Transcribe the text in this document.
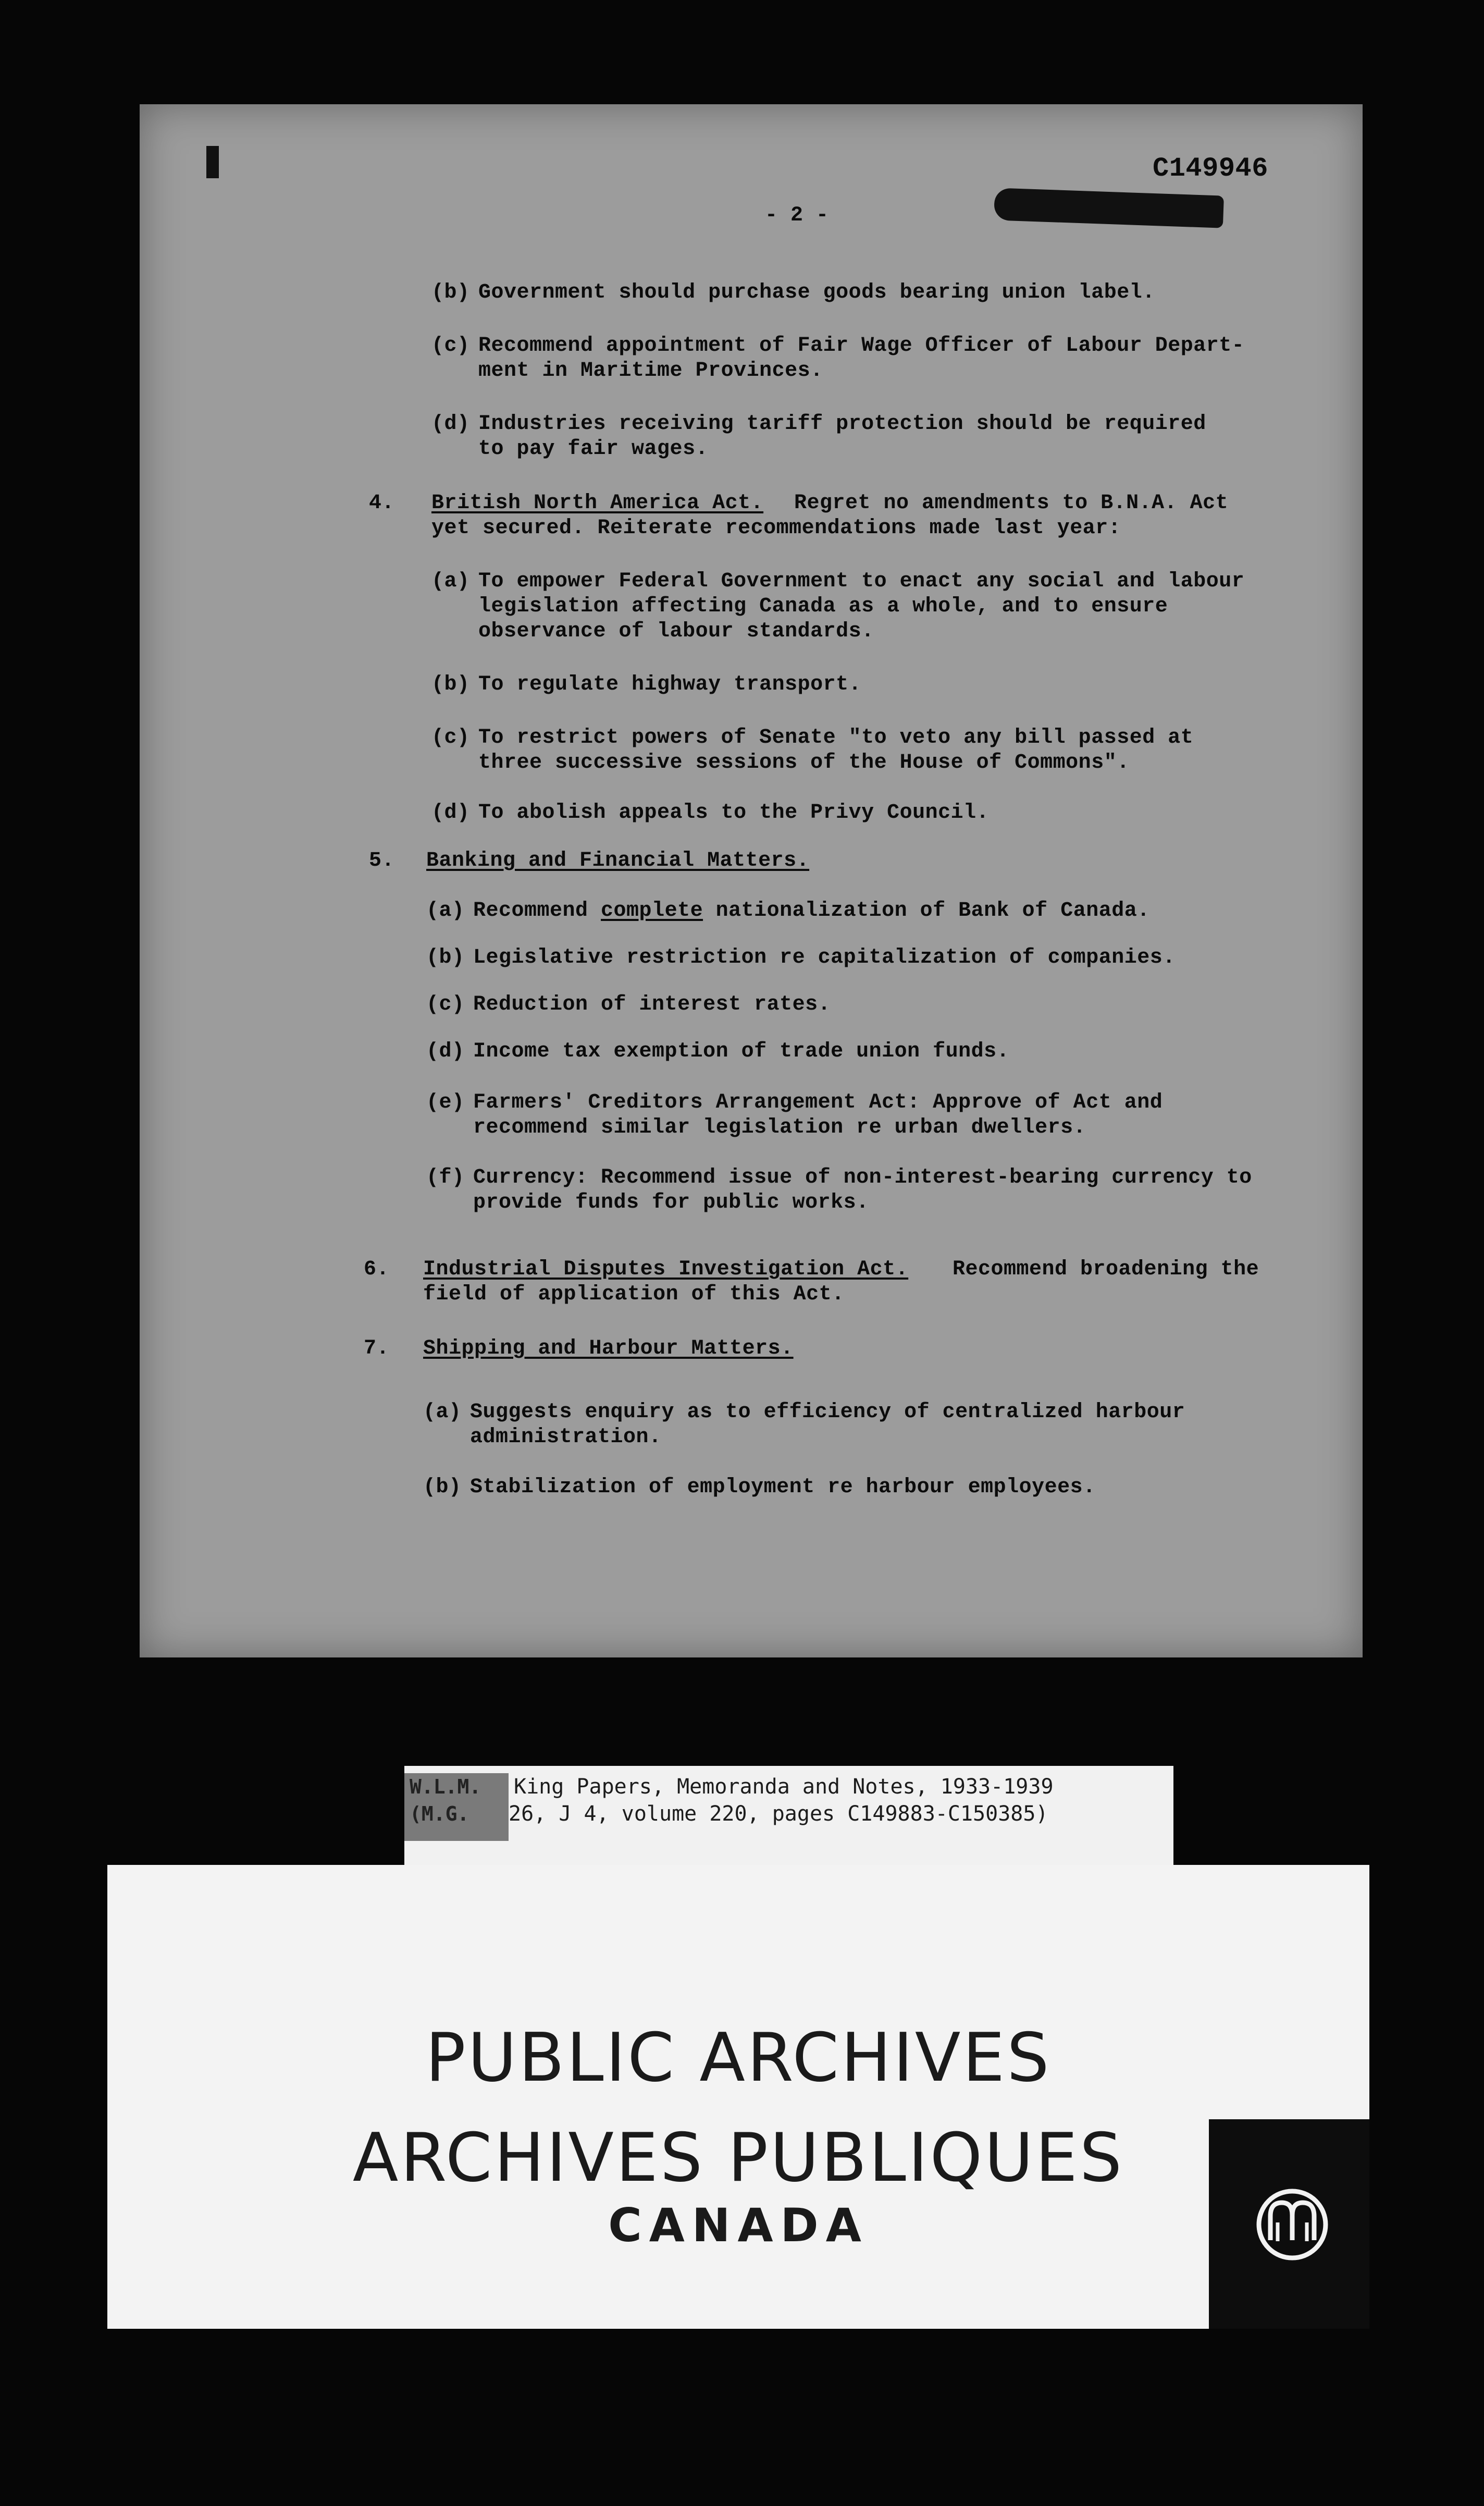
C149946

- 2 -

(b) Government should purchase goods bearing union label.

(c) Recommend appointment of Fair Wage Officer of Labour Depart-

ment in Maritime Provinces.

(d) Industries receiving tariff protection should be required

to pay fair wages.

4. British North America Act. Regret no amendments to B.N.A. Act

yet secured. Reiterate recommendations made last year:

(a) To empower Federal Government to enact any social and labour

legislation affecting Canada as a whole, and to ensure

observance of labour standards.

(b) To regulate highway transport.

(c) To restrict powers of Senate "to veto any bill passed at

three successive sessions of the House of Commons".

(d) To abolish appeals to the Privy Council.

5. Banking and Financial Matters.

(a) Recommend complete nationalization of Bank of Canada.

(b) Legislative restriction re capitalization of companies.

(c) Reduction of interest rates.

(d) Income tax exemption of trade union funds.

(e) Farmers' Creditors Arrangement Act: Approve of Act and

recommend similar legislation re urban dwellers.

(f) Currency: Recommend issue of non-interest-bearing currency to

provide funds for public works.

6. Industrial Disputes Investigation Act. Recommend broadening the

field of application of this Act.

7. Shipping and Harbour Matters.

(a) Suggests enquiry as to efficiency of centralized harbour

administration.

(b) Stabilization of employment re harbour employees.

W.L.M.

(M.G.

King Papers, Memoranda and Notes, 1933-1939

26, J 4, volume 220, pages C149883-C150385)

PUBLIC ARCHIVES

ARCHIVES PUBLIQUES

CANADA
